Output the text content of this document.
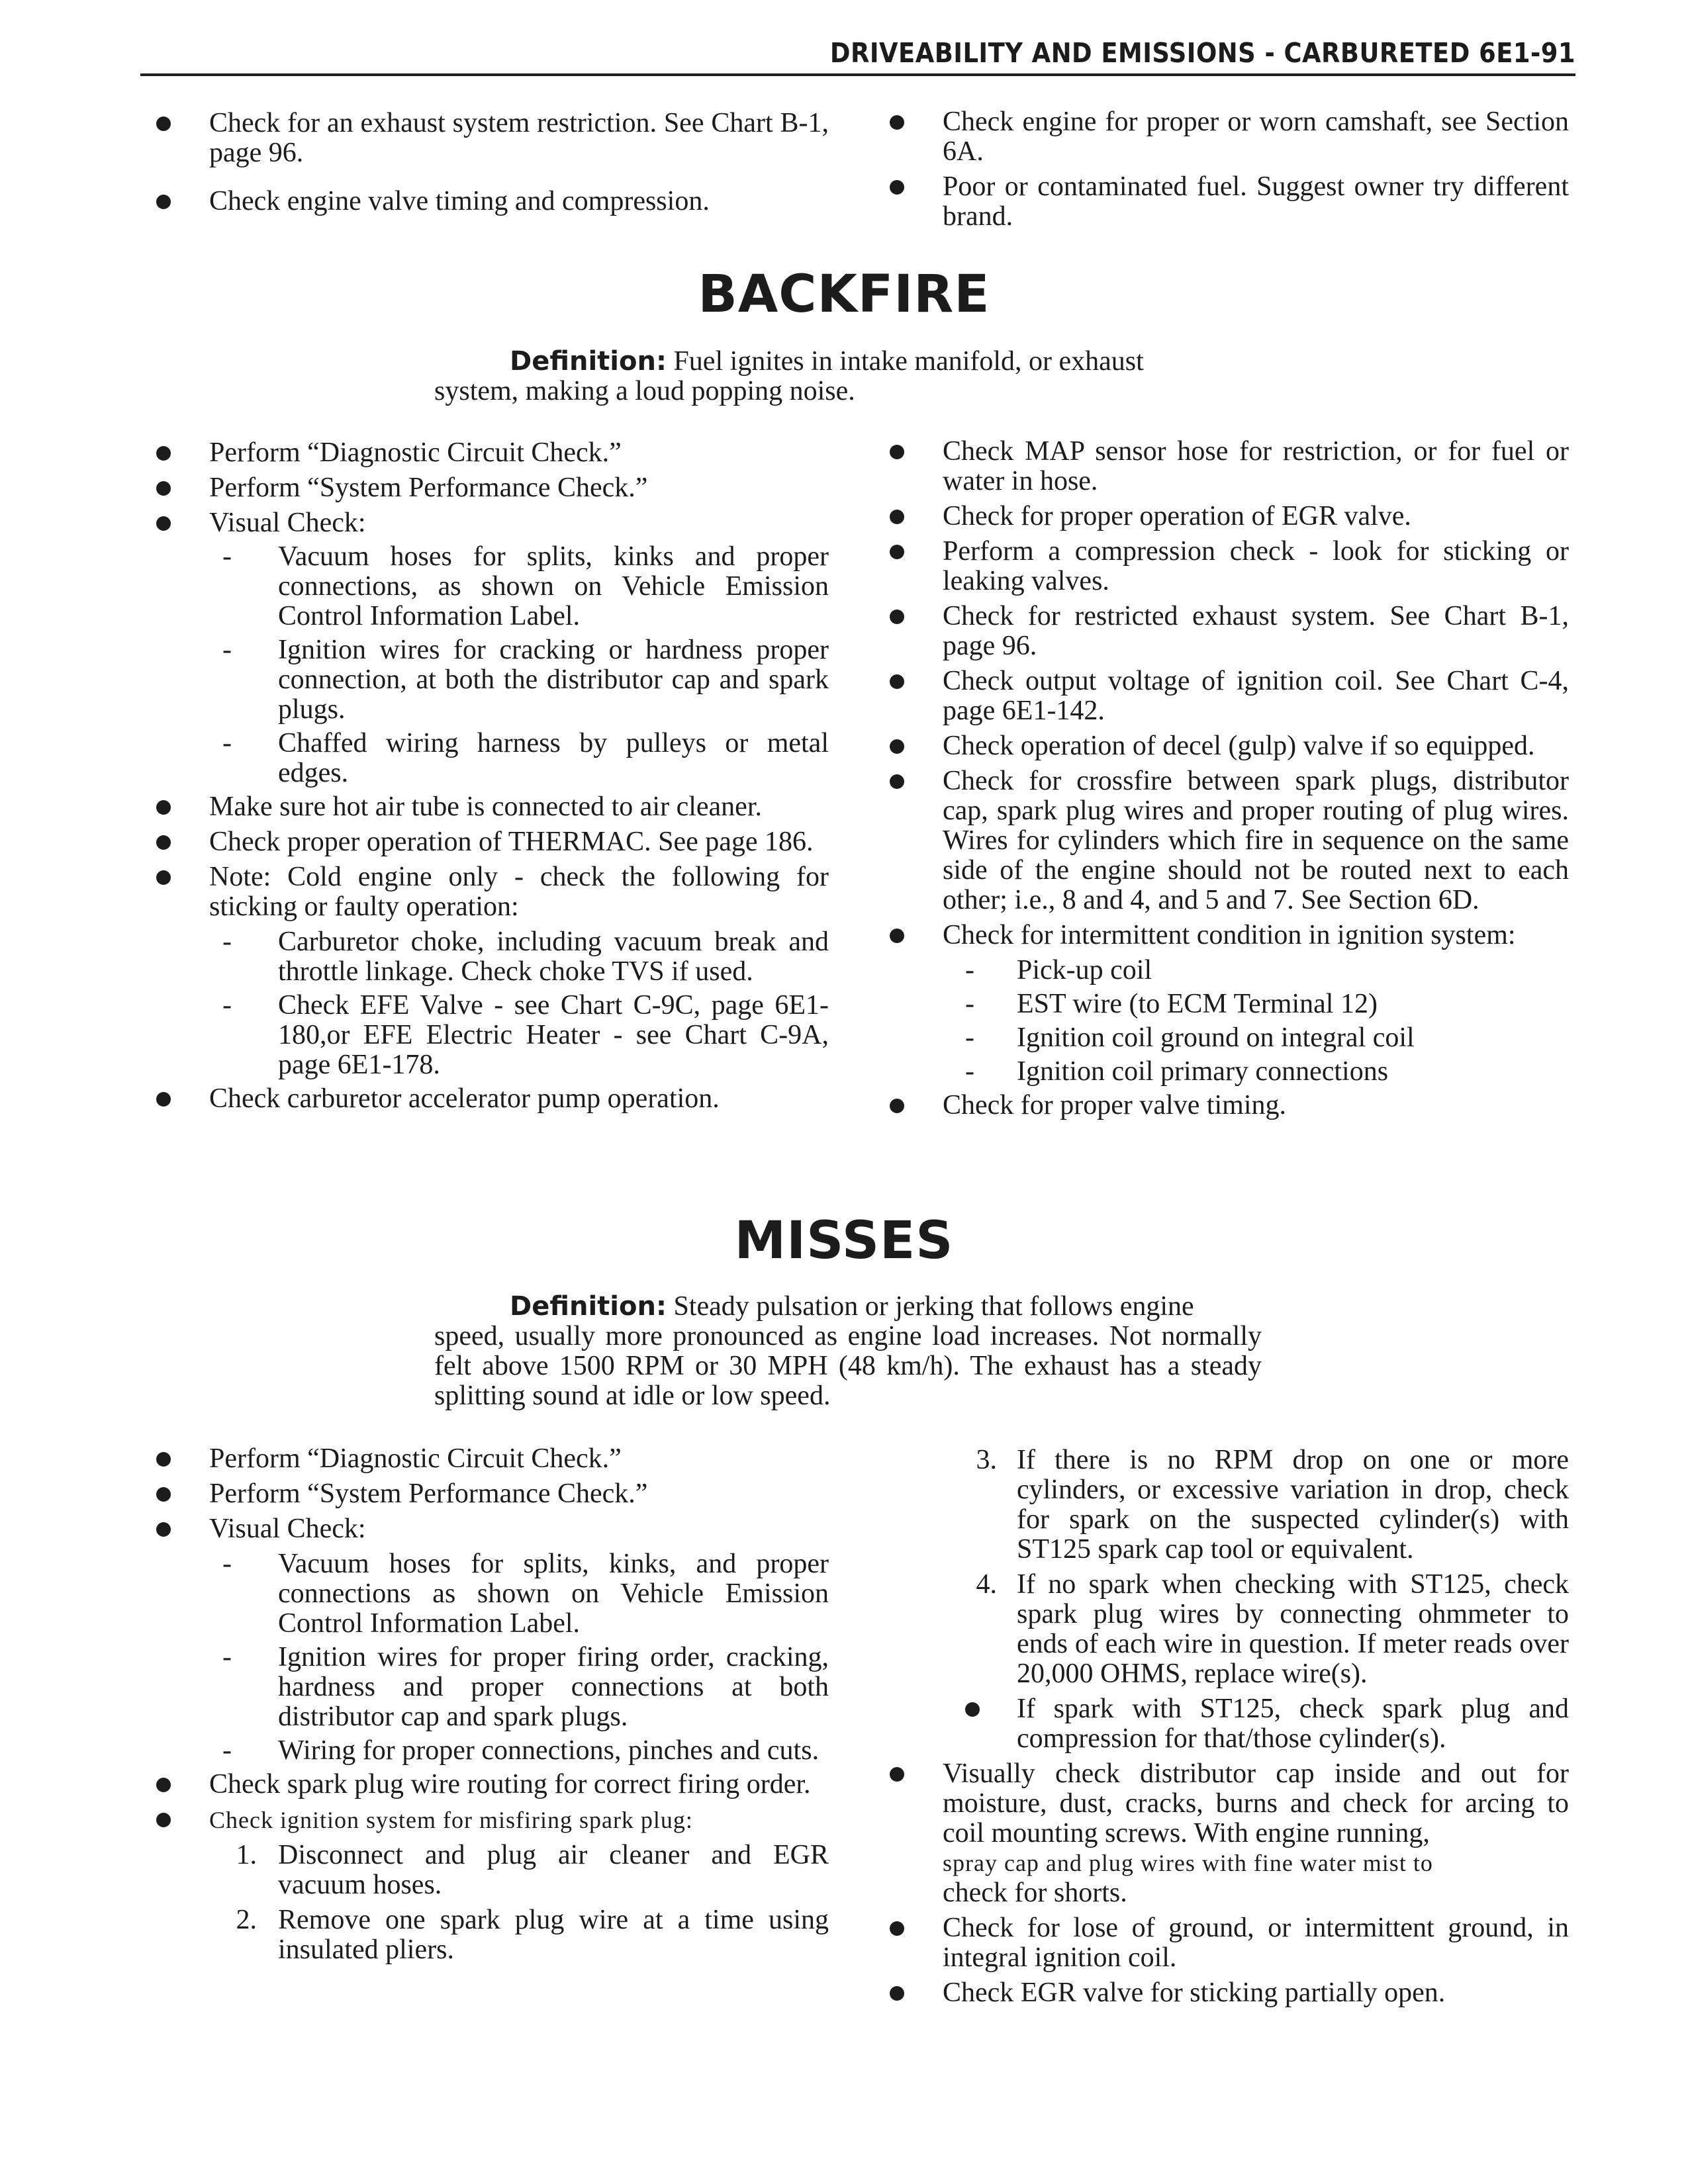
DRIVEABILITY AND EMISSIONS - CARBURETED 6E1-91
Check for an exhaust system restriction. See Chart B-1, page 96.
Check engine valve timing and compression.
Check engine for proper or worn camshaft, see Section 6A.
Poor or contaminated fuel. Suggest owner try different brand.
BACKFIRE
Definition: Fuel ignites in intake manifold, or exhaust
system, making a loud popping noise.
Perform “Diagnostic Circuit Check.”
Perform “System Performance Check.”
Visual Check:
- Vacuum hoses for splits, kinks and proper connections, as shown on Vehicle Emission Control Information Label.
- Ignition wires for cracking or hardness proper connection, at both the distributor cap and spark plugs.
- Chaffed wiring harness by pulleys or metal edges.
Make sure hot air tube is connected to air cleaner.
Check proper operation of THERMAC. See page 186.
Note: Cold engine only - check the following for sticking or faulty operation:
- Carburetor choke, including vacuum break and throttle linkage. Check choke TVS if used.
- Check EFE Valve - see Chart C-9C, page 6E1-180,or EFE Electric Heater - see Chart C-9A, page 6E1-178.
Check carburetor accelerator pump operation.
Check MAP sensor hose for restriction, or for fuel or water in hose.
Check for proper operation of EGR valve.
Perform a compression check - look for sticking or leaking valves.
Check for restricted exhaust system. See Chart B-1, page 96.
Check output voltage of ignition coil. See Chart C-4, page 6E1-142.
Check operation of decel (gulp) valve if so equipped.
Check for crossfire between spark plugs, distributor cap, spark plug wires and proper routing of plug wires. Wires for cylinders which fire in sequence on the same side of the engine should not be routed next to each other; i.e., 8 and 4, and 5 and 7. See Section 6D.
Check for intermittent condition in ignition system:
- Pick-up coil
- EST wire (to ECM Terminal 12)
- Ignition coil ground on integral coil
- Ignition coil primary connections
Check for proper valve timing.
MISSES
Definition: Steady pulsation or jerking that follows engine
speed, usually more pronounced as engine load increases. Not normally felt above 1500 RPM or 30 MPH (48 km/h). The exhaust has a steady splitting sound at idle or low speed.
Perform “Diagnostic Circuit Check.”
Perform “System Performance Check.”
Visual Check:
- Vacuum hoses for splits, kinks, and proper connections as shown on Vehicle Emission Control Information Label.
- Ignition wires for proper firing order, cracking, hardness and proper connections at both distributor cap and spark plugs.
- Wiring for proper connections, pinches and cuts.
Check spark plug wire routing for correct firing order.
Check ignition system for misfiring spark plug:
1. Disconnect and plug air cleaner and EGR vacuum hoses.
2. Remove one spark plug wire at a time using insulated pliers.
3. If there is no RPM drop on one or more cylinders, or excessive variation in drop, check for spark on the suspected cylinder(s) with ST125 spark cap tool or equivalent.
4. If no spark when checking with ST125, check spark plug wires by connecting ohmmeter to ends of each wire in question. If meter reads over 20,000 OHMS, replace wire(s).
If spark with ST125, check spark plug and compression for that/those cylinder(s).
Visually check distributor cap inside and out for moisture, dust, cracks, burns and check for arcing to coil mounting screws. With engine running,
spray cap and plug wires with fine water mist to
check for shorts.
Check for lose of ground, or intermittent ground, in integral ignition coil.
Check EGR valve for sticking partially open.
